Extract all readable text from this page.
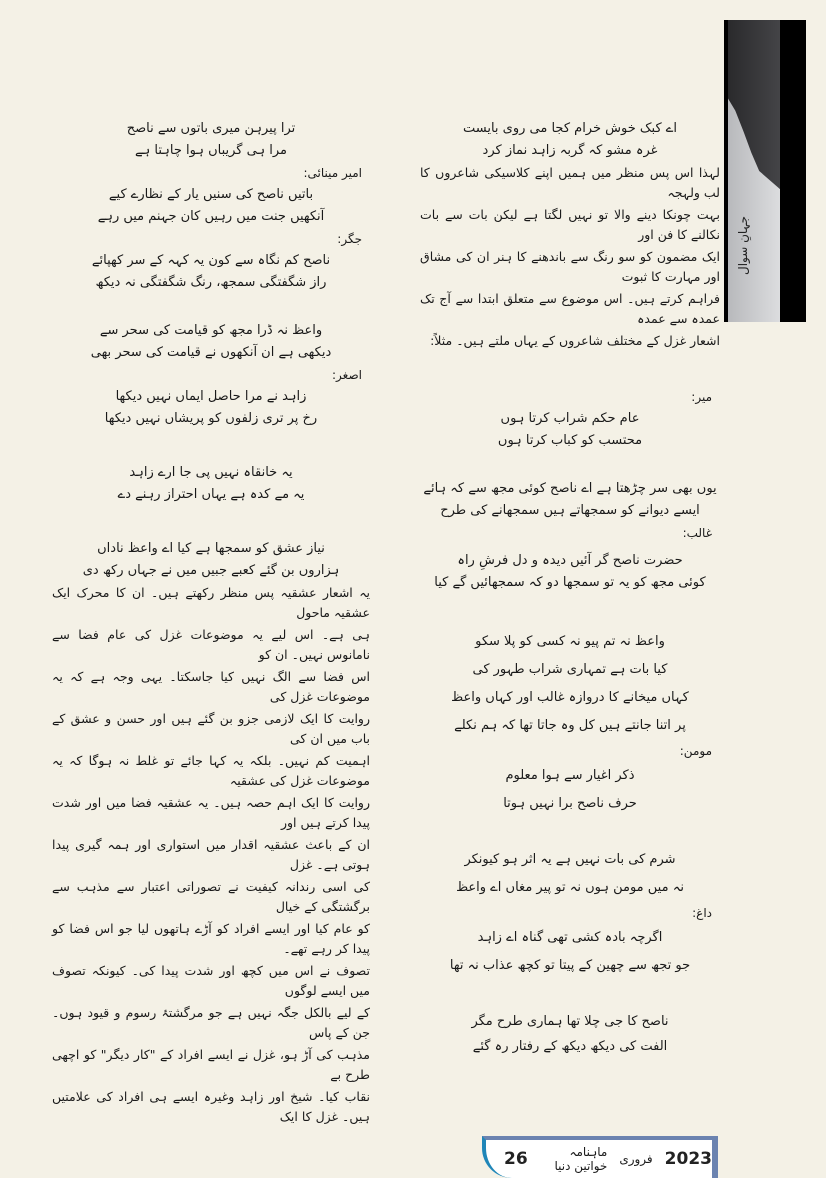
جہانِ سوال
اے کبک خوش خرام کجا می روی بایست
غرہ مشو کہ گربہ زاہد نماز کرد
لہذا اس پس منظر میں ہمیں اپنے کلاسیکی شاعروں کا لب ولہجہ
بہت چونکا دینے والا تو نہیں لگتا ہے لیکن بات سے بات نکالنے کا فن اور
ایک مضمون کو سو رنگ سے باندھنے کا ہنر ان کی مشاق اور مہارت کا ثبوت
فراہم کرتے ہیں۔ اس موضوع سے متعلق ابتدا سے آج تک عمدہ سے عمدہ
اشعار غزل کے مختلف شاعروں کے یہاں ملتے ہیں۔ مثلاً:
میر:
عام حکم شراب کرتا ہوں
محتسب کو کباب کرتا ہوں
یوں بھی سر چڑھتا ہے اے ناصح کوئی مجھ سے کہ ہائے
ایسے دیوانے کو سمجھاتے ہیں سمجھانے کی طرح
غالب:
حضرت ناصح گر آئیں دیدہ و دل فرشِ راہ
کوئی مجھ کو یہ تو سمجھا دو کہ سمجھائیں گے کیا
واعظ نہ تم پیو نہ کسی کو پلا سکو
کیا بات ہے تمہاری شراب طہور کی
کہاں میخانے کا دروازہ غالب اور کہاں واعظ
پر اتنا جانتے ہیں کل وہ جاتا تھا کہ ہم نکلے
مومن:
ذکر اغیار سے ہوا معلوم
حرف ناصح برا نہیں ہوتا
شرم کی بات نہیں ہے یہ اثر ہو کیونکر
نہ میں مومن ہوں نہ تو پیر مغاں اے واعظ
داغ:
اگرچہ بادہ کشی تھی گناہ اے زاہد
جو تجھ سے چھین کے پیتا تو کچھ عذاب نہ تھا
ناصح کا جی چلا تھا ہماری طرح مگر
الفت کی دیکھ دیکھ کے رفتار رہ گئے
ترا پیرہن میری باتوں سے ناصح
مرا ہی گریباں ہوا چاہتا ہے
امیر مینائی:
باتیں ناصح کی سنیں یار کے نظارے کیے
آنکھیں جنت میں رہیں کان جہنم میں رہے
جگر:
ناصح کم نگاہ سے کون یہ کہہ کے سر کھپائے
راز شگفتگی سمجھ، رنگ شگفتگی نہ دیکھ
واعظ نہ ڈرا مجھ کو قیامت کی سحر سے
دیکھی ہے ان آنکھوں نے قیامت کی سحر بھی
اصغر:
زاہد نے مرا حاصل ایماں نہیں دیکھا
رخ پر تری زلفوں کو پریشاں نہیں دیکھا
یہ خانقاہ نہیں پی جا ارے زاہد
یہ مے کدہ ہے یہاں احتراز رہنے دے
نیاز عشق کو سمجھا ہے کیا اے واعظ ناداں
ہزاروں بن گئے کعبے جبیں میں نے جہاں رکھ دی
یہ اشعار عشقیہ پس منظر رکھتے ہیں۔ ان کا محرک ایک عشقیہ ماحول
ہی ہے۔ اس لیے یہ موضوعات غزل کی عام فضا سے نامانوس نہیں۔ ان کو
اس فضا سے الگ نہیں کیا جاسکتا۔ یہی وجہ ہے کہ یہ موضوعات غزل کی
روایت کا ایک لازمی جزو بن گئے ہیں اور حسن و عشق کے باب میں ان کی
اہمیت کم نہیں۔ بلکہ یہ کہا جائے تو غلط نہ ہوگا کہ یہ موضوعات غزل کی عشقیہ
روایت کا ایک اہم حصہ ہیں۔ یہ عشقیہ فضا میں اور شدت پیدا کرتے ہیں اور
ان کے باعث عشقیہ اقدار میں استواری اور ہمہ گیری پیدا ہوتی ہے۔ غزل
کی اسی رندانہ کیفیت نے تصوراتی اعتبار سے مذہب سے برگشتگی کے خیال
کو عام کیا اور ایسے افراد کو آڑے ہاتھوں لیا جو اس فضا کو پیدا کر رہے تھے۔
تصوف نے اس میں کچھ اور شدت پیدا کی۔ کیونکہ تصوف میں ایسے لوگوں
کے لیے بالکل جگہ نہیں ہے جو مرگشتۂ رسوم و قیود ہوں۔ جن کے پاس
مذہب کی آڑ ہو، غزل نے ایسے افراد کے "کار دیگر" کو اچھی طرح بے
نقاب کیا۔ شیخ اور زاہد وغیرہ ایسے ہی افراد کی علامتیں ہیں۔ غزل کا ایک
26	ماہنامہ خواتین دنیا فروری 2023
